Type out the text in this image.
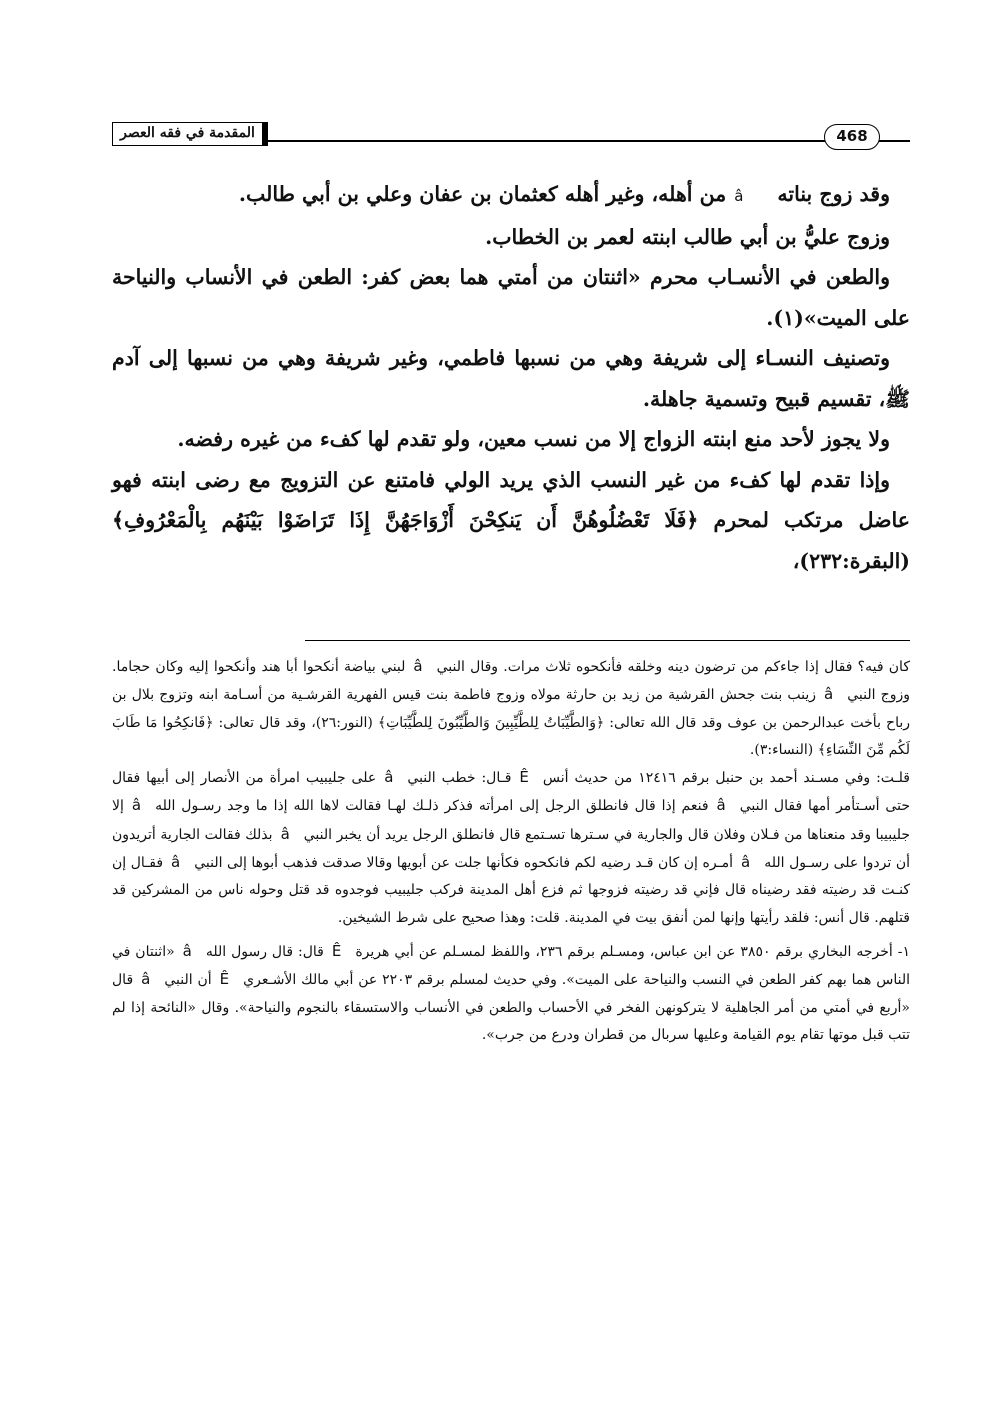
المقدمة في فقه العصر	468

وقد زوج بناتهâمن أهله، وغير أهله كعثمان بن عفان وعلي بن أبي طالب.

وزوج عليُّ بن أبي طالب ابنته لعمر بن الخطاب.

والطعن في الأنسـاب محرم «اثنتان من أمتي هما بعض كفر: الطعن في الأنساب والنياحة على الميت»(١).

وتصنيف النسـاء إلى شريفة وهي من نسبها فاطمي، وغير شريفة وهي من نسبها إلى آدم ﷺ، تقسيم قبيح وتسمية جاهلة.

ولا يجوز لأحد منع ابنته الزواج إلا من نسب معين، ولو تقدم لها كفء من غيره رفضه.

وإذا تقدم لها كفء من غير النسب الذي يريد الولي فامتنع عن التزويج مع رضى ابنته فهو عاضل مرتكب لمحرم ﴿فَلَا تَعْضُلُوهُنَّ أَن يَنكِحْنَ أَزْوَاجَهُنَّ إِذَا تَرَاضَوْا بَيْنَهُم بِالْمَعْرُوفِ﴾(البقرة:٢٣٢)،

كان فيه؟ فقال إذا جاءكم من ترضون دينه وخلقه فأنكحوه ثلاث مرات. وقال النبيâلبني بياضة أنكحوا أبا هند وأنكحوا إليه وكان حجاما. وزوج النبيâزينب بنت جحش القرشية من زيد بن حارثة مولاه وزوج فاطمة بنت قيس الفهرية القرشـية من أسـامة ابنه وتزوج بلال بن رباح بأخت عبدالرحمن بن عوف وقد قال الله تعالى: ﴿وَالطَّيِّبَاتُ لِلطَّيِّبِينَ وَالطَّيِّبُونَ لِلطَّيِّبَاتِ﴾ (النور:٢٦)، وقد قال تعالى: ﴿فَانكِحُوا مَا طَابَ لَكُم مِّنَ النِّسَاءِ﴾ (النساء:٣).

قلـت: وفي مسـند أحمد بن حنبل برقم ١٢٤١٦ من حديث أنسÊقـال: خطب النبيâعلى جليبيب امرأة من الأنصار إلى أبيها فقال حتى أسـتأمر أمها فقال النبيâفنعم إذا قال فانطلق الرجل إلى امرأته فذكر ذلـك لهـا فقالت لاها الله إذا ما وجد رسـول اللهâإلا جليبيبا وقد منعناها من فـلان وفلان قال والجارية في سـترها تسـتمع قال فانطلق الرجل يريد أن يخبر النبيâبذلك فقالت الجارية أتريدون أن تردوا على رسـول اللهâأمـره إن كان قـد رضيه لكم فانكحوه فكأنها جلت عن أبويها وقالا صدقت فذهب أبوها إلى النبيâفقـال إن كنـت قد رضيته فقد رضيناه قال فإني قد رضيته فزوجها ثم فزع أهل المدينة فركب جليبيب فوجدوه قد قتل وحوله ناس من المشركين قد قتلهم. قال أنس: فلقد رأيتها وإنها لمن أنفق بيت في المدينة. قلت: وهذا صحيح على شرط الشيخين.

١- أخرجه البخاري برقم ٣٨٥٠ عن ابن عباس، ومسـلم برقم ٢٣٦، واللفظ لمسـلم عن أبي هريرةÊقال: قال رسول اللهâ«اثنتان في الناس هما بهم كفر الطعن في النسب والنياحة على الميت». وفي حديث لمسلم برقم ٢٢٠٣ عن أبي مالك الأشـعريÊأن النبيâقال «أربع في أمتي من أمر الجاهلية لا يتركونهن الفخر في الأحساب والطعن في الأنساب والاستسقاء بالنجوم والنياحة». وقال «النائحة إذا لم تتب قبل موتها تقام يوم القيامة وعليها سربال من قطران ودرع من جرب».
